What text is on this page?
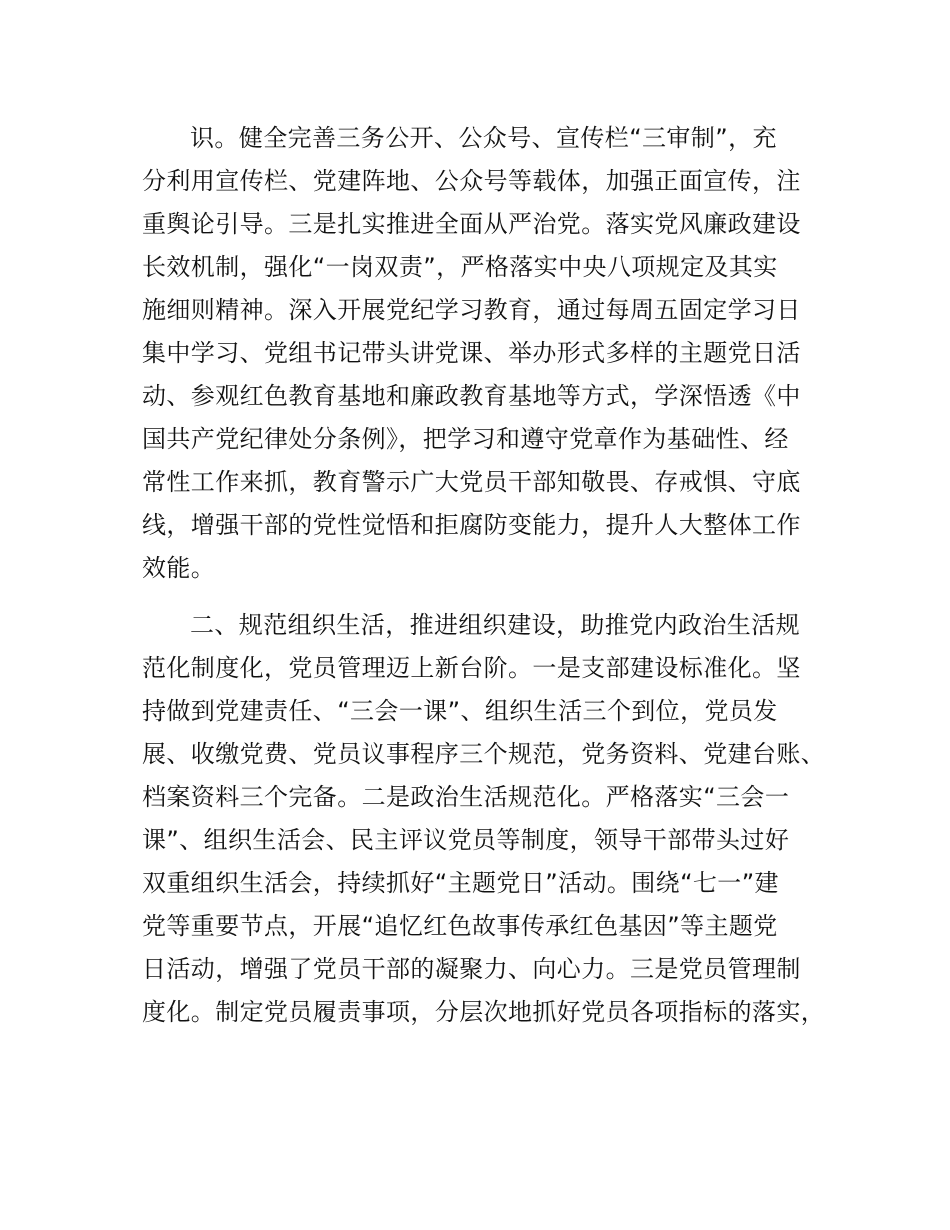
识。健全完善三务公开、公众号、宣传栏“三审制”，充
分利用宣传栏、党建阵地、公众号等载体，加强正面宣传，注
重舆论引导。三是扎实推进全面从严治党。落实党风廉政建设
长效机制，强化“一岗双责”，严格落实中央八项规定及其实
施细则精神。深入开展党纪学习教育，通过每周五固定学习日
集中学习、党组书记带头讲党课、举办形式多样的主题党日活
动、参观红色教育基地和廉政教育基地等方式，学深悟透《中
国共产党纪律处分条例》，把学习和遵守党章作为基础性、经
常性工作来抓，教育警示广大党员干部知敬畏、存戒惧、守底
线，增强干部的党性觉悟和拒腐防变能力，提升人大整体工作
效能。
二、规范组织生活，推进组织建设，助推党内政治生活规
范化制度化，党员管理迈上新台阶。一是支部建设标准化。坚
持做到党建责任、“三会一课”、组织生活三个到位，党员发
展、收缴党费、党员议事程序三个规范，党务资料、党建台账、
档案资料三个完备。二是政治生活规范化。严格落实“三会一
课”、组织生活会、民主评议党员等制度，领导干部带头过好
双重组织生活会，持续抓好“主题党日”活动。围绕“七一”建
党等重要节点，开展“追忆红色故事传承红色基因”等主题党
日活动，增强了党员干部的凝聚力、向心力。三是党员管理制
度化。制定党员履责事项，分层次地抓好党员各项指标的落实，
